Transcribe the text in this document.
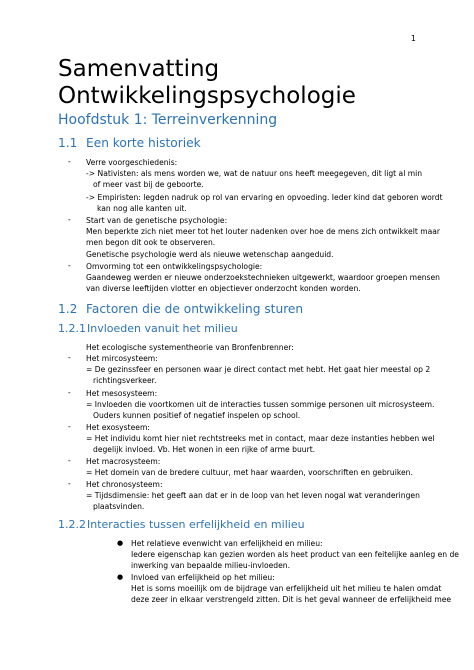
1
Samenvatting
Ontwikkelingspsychologie
Hoofdstuk 1: Terreinverkenning
1.1 Een korte historiek
- Verre voorgeschiedenis:
-> Nativisten: als mens worden we, wat de natuur ons heeft meegegeven, dit ligt al min
of meer vast bij de geboorte.
-> Empiristen: legden nadruk op rol van ervaring en opvoeding. Ieder kind dat geboren wordt
kan nog alle kanten uit.
- Start van de genetische psychologie:
Men beperkte zich niet meer tot het louter nadenken over hoe de mens zich ontwikkelt maar
men begon dit ook te observeren.
Genetische psychologie werd als nieuwe wetenschap aangeduid.
- Omvorming tot een ontwikkelingspsychologie:
Gaandeweg werden er nieuwe onderzoekstechnieken uitgewerkt, waardoor groepen mensen
van diverse leeftijden vlotter en objectiever onderzocht konden worden.
1.2 Factoren die de ontwikkeling sturen
1.2.1Invloeden vanuit het milieu
Het ecologische systementheorie van Bronfenbrenner:
- Het mircosysteem:
= De gezinssfeer en personen waar je direct contact met hebt. Het gaat hier meestal op 2
richtingsverkeer.
- Het mesosysteem:
= Invloeden die voortkomen uit de interacties tussen sommige personen uit microsysteem.
Ouders kunnen positief of negatief inspelen op school.
- Het exosysteem:
= Het individu komt hier niet rechtstreeks met in contact, maar deze instanties hebben wel
degelijk invloed. Vb. Het wonen in een rijke of arme buurt.
- Het macrosysteem:
= Het domein van de bredere cultuur, met haar waarden, voorschriften en gebruiken.
- Het chronosysteem:
= Tijdsdimensie: het geeft aan dat er in de loop van het leven nogal wat veranderingen
plaatsvinden.
1.2.2Interacties tussen erfelijkheid en milieu
● Het relatieve evenwicht van erfelijkheid en milieu:
Iedere eigenschap kan gezien worden als heet product van een feitelijke aanleg en de
inwerking van bepaalde milieu-invloeden.
● Invloed van erfelijkheid op het milieu:
Het is soms moeilijk om de bijdrage van erfelijkheid uit het milieu te halen omdat
deze zeer in elkaar verstrengeld zitten. Dit is het geval wanneer de erfelijkheid mee
